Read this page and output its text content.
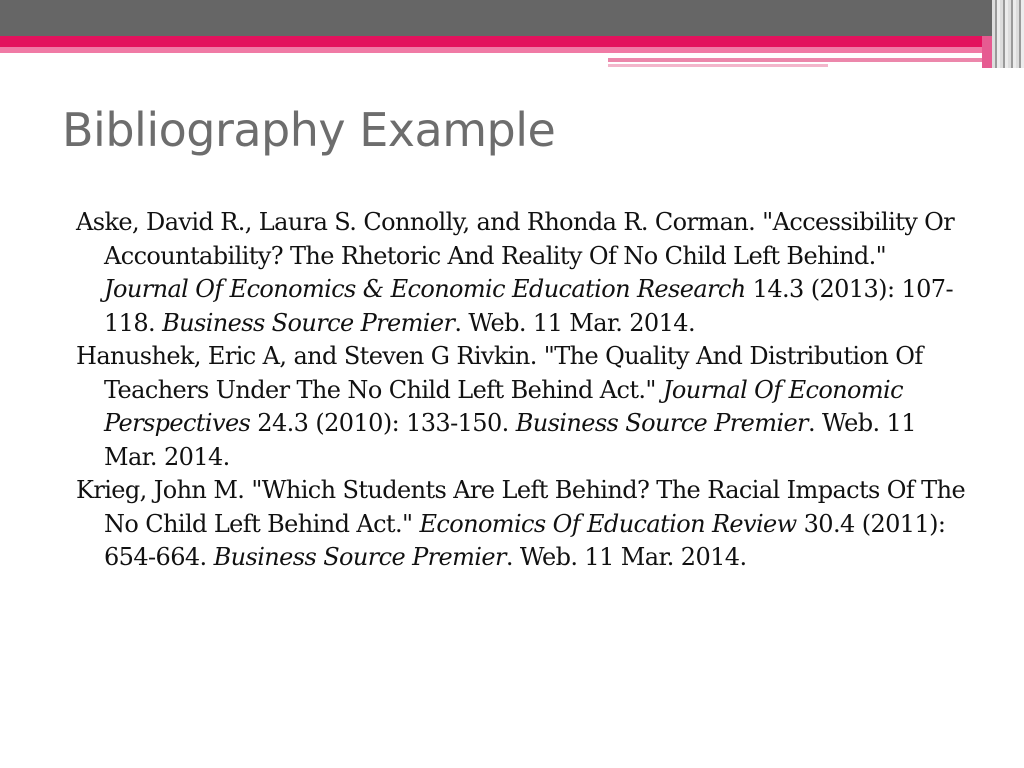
Bibliography Example

Aske, David R., Laura S. Connolly, and Rhonda R. Corman. "Accessibility Or Accountability? The Rhetoric And Reality Of No Child Left Behind." Journal Of Economics & Economic Education Research 14.3 (2013): 107-118. Business Source Premier. Web. 11 Mar. 2014.

Hanushek, Eric A, and Steven G Rivkin. "The Quality And Distribution Of Teachers Under The No Child Left Behind Act." Journal Of Economic Perspectives 24.3 (2010): 133-150. Business Source Premier. Web. 11 Mar. 2014.

Krieg, John M. "Which Students Are Left Behind? The Racial Impacts Of The No Child Left Behind Act." Economics Of Education Review 30.4 (2011): 654-664. Business Source Premier. Web. 11 Mar. 2014.
